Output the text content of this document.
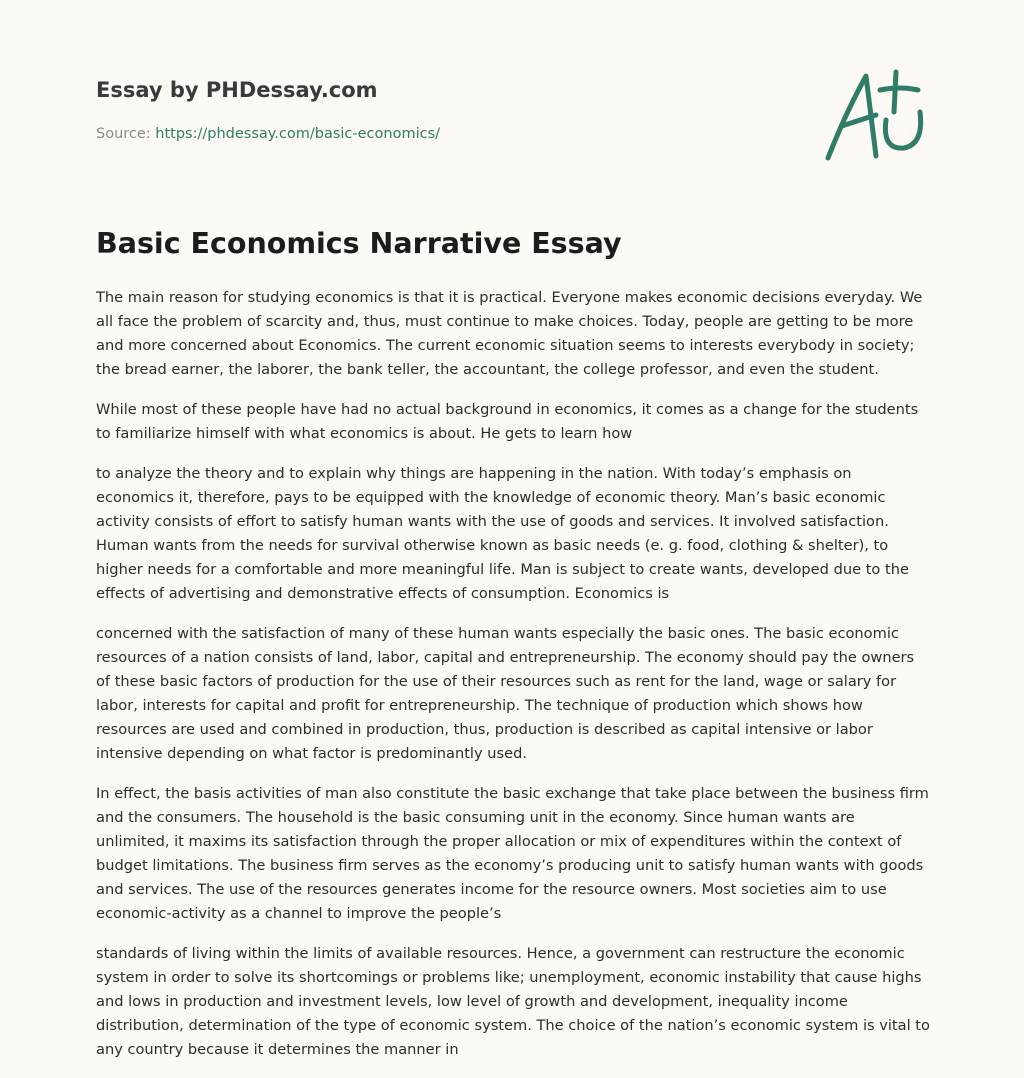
Essay by PHDessay.com
Source: https://phdessay.com/basic-economics/
Basic Economics Narrative Essay

The main reason for studying economics is that it is practical. Everyone makes economic decisions everyday. We all face the problem of scarcity and, thus, must continue to make choices. Today, people are getting to be more and more concerned about Economics. The current economic situation seems to interests everybody in society; the bread earner, the laborer, the bank teller, the accountant, the college professor, and even the student.

While most of these people have had no actual background in economics, it comes as a change for the students to familiarize himself with what economics is about. He gets to learn how

to analyze the theory and to explain why things are happening in the nation. With today’s emphasis on economics it, therefore, pays to be equipped with the knowledge of economic theory. Man’s basic economic activity consists of effort to satisfy human wants with the use of goods and services. It involved satisfaction. Human wants from the needs for survival otherwise known as basic needs (e. g. food, clothing & shelter), to higher needs for a comfortable and more meaningful life. Man is subject to create wants, developed due to the effects of advertising and demonstrative effects of consumption. Economics is

concerned with the satisfaction of many of these human wants especially the basic ones. The basic economic resources of a nation consists of land, labor, capital and entrepreneurship. The economy should pay the owners of these basic factors of production for the use of their resources such as rent for the land, wage or salary for labor, interests for capital and profit for entrepreneurship. The technique of production which shows how resources are used and combined in production, thus, production is described as capital intensive or labor intensive depending on what factor is predominantly used.

In effect, the basis activities of man also constitute the basic exchange that take place between the business firm and the consumers. The household is the basic consuming unit in the economy. Since human wants are unlimited, it maxims its satisfaction through the proper allocation or mix of expenditures within the context of budget limitations. The business firm serves as the economy’s producing unit to satisfy human wants with goods and services. The use of the resources generates income for the resource owners. Most societies aim to use economic-activity as a channel to improve the people’s

standards of living within the limits of available resources. Hence, a government can restructure the economic system in order to solve its shortcomings or problems like; unemployment, economic instability that cause highs and lows in production and investment levels, low level of growth and development, inequality income distribution, determination of the type of economic system. The choice of the nation’s economic system is vital to any country because it determines the manner in
